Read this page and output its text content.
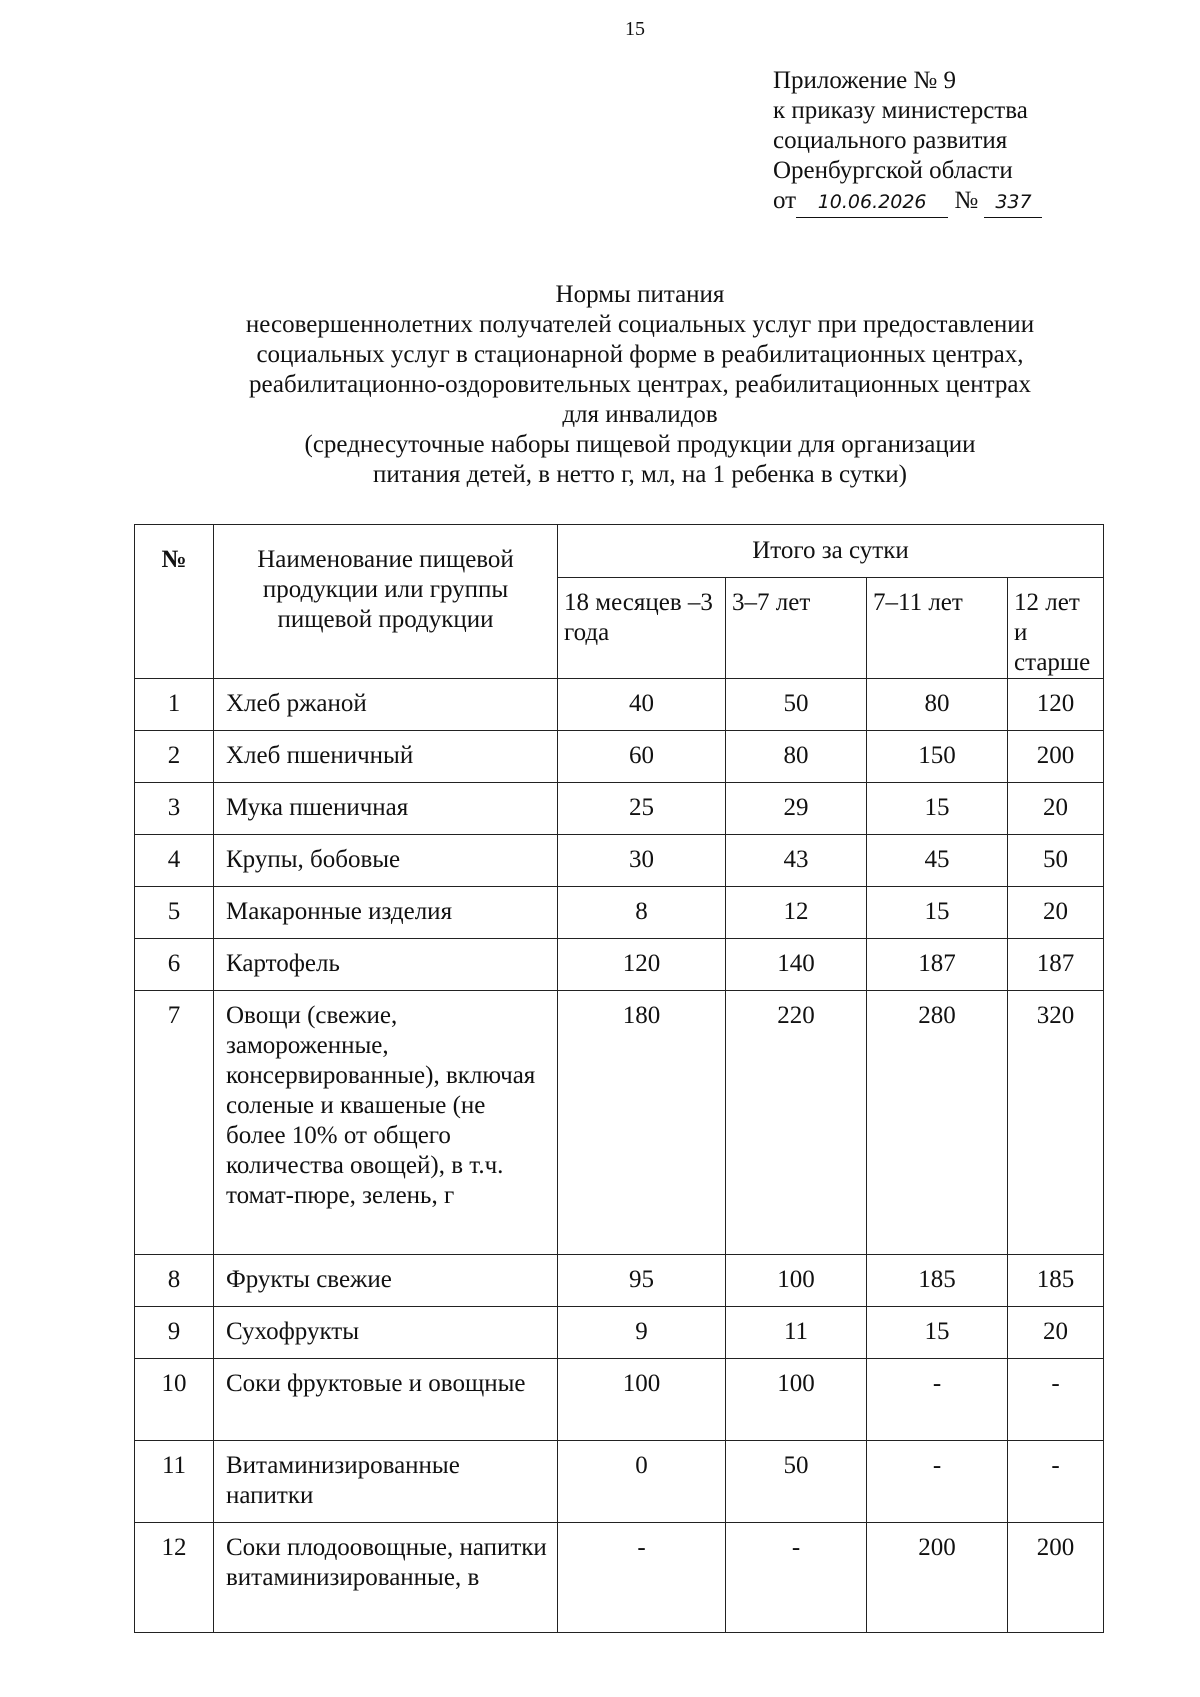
15
Приложение № 9
к приказу министерства
социального развития
Оренбургской области
от 10.06.2026 № 337
Нормы питания
несовершеннолетних получателей социальных услуг при предоставлении
социальных услуг в стационарной форме в реабилитационных центрах,
реабилитационно-оздоровительных центрах, реабилитационных центрах
для инвалидов
(среднесуточные наборы пищевой продукции для организации
питания детей, в нетто г, мл, на 1 ребенка в сутки)
№	Наименование пищевой продукции или группы пищевой продукции	Итого за сутки			
		18 месяцев –3 года	3–7 лет	7–11 лет	12 лет и старше
1	Хлеб ржаной	40	50	80	120
2	Хлеб пшеничный	60	80	150	200
3	Мука пшеничная	25	29	15	20
4	Крупы, бобовые	30	43	45	50
5	Макаронные изделия	8	12	15	20
6	Картофель	120	140	187	187
7	Овощи (свежие, замороженные, консервированные), включая соленые и квашеные (не более 10% от общего количества овощей), в т.ч. томат-пюре, зелень, г	180	220	280	320
8	Фрукты свежие	95	100	185	185
9	Сухофрукты	9	11	15	20
10	Соки фруктовые и овощные	100	100	-	-
11	Витаминизированные напитки	0	50	-	-
12	Соки плодоовощные, напитки витаминизированные, в	-	-	200	200
